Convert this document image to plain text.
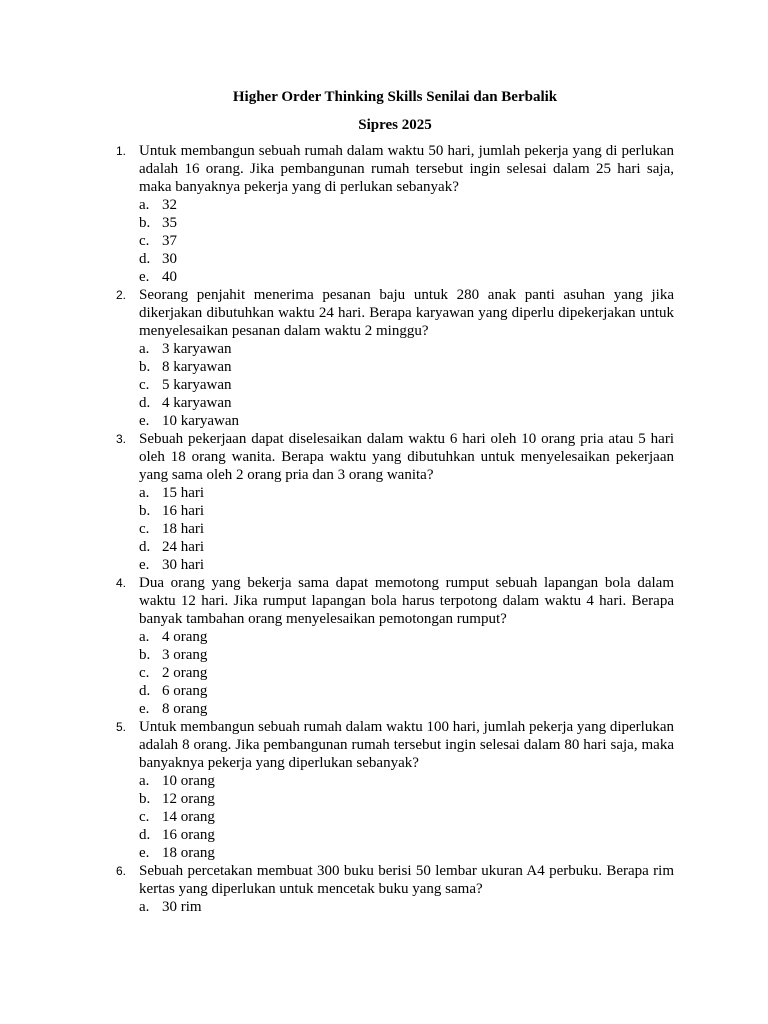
Higher Order Thinking Skills Senilai dan Berbalik
Sipres 2025
1. Untuk membangun sebuah rumah dalam waktu 50 hari, jumlah pekerja yang di perlukan adalah 16 orang. Jika pembangunan rumah tersebut ingin selesai dalam 25 hari saja, maka banyaknya pekerja yang di perlukan sebanyak?
a. 32
b. 35
c. 37
d. 30
e. 40
2. Seorang penjahit menerima pesanan baju untuk 280 anak panti asuhan yang jika dikerjakan dibutuhkan waktu 24 hari. Berapa karyawan yang diperlu dipekerjakan untuk menyelesaikan pesanan dalam waktu 2 minggu?
a. 3 karyawan
b. 8 karyawan
c. 5 karyawan
d. 4 karyawan
e. 10 karyawan
3. Sebuah pekerjaan dapat diselesaikan dalam waktu 6 hari oleh 10 orang pria atau 5 hari oleh 18 orang wanita. Berapa waktu yang dibutuhkan untuk menyelesaikan pekerjaan yang sama oleh 2 orang pria dan 3 orang wanita?
a. 15 hari
b. 16 hari
c. 18 hari
d. 24 hari
e. 30 hari
4. Dua orang yang bekerja sama dapat memotong rumput sebuah lapangan bola dalam waktu 12 hari. Jika rumput lapangan bola harus terpotong dalam waktu 4 hari. Berapa banyak tambahan orang menyelesaikan pemotongan rumput?
a. 4 orang
b. 3 orang
c. 2 orang
d. 6 orang
e. 8 orang
5. Untuk membangun sebuah rumah dalam waktu 100 hari, jumlah pekerja yang diperlukan adalah 8 orang. Jika pembangunan rumah tersebut ingin selesai dalam 80 hari saja, maka banyaknya pekerja yang diperlukan sebanyak?
a. 10 orang
b. 12 orang
c. 14 orang
d. 16 orang
e. 18 orang
6. Sebuah percetakan membuat 300 buku berisi 50 lembar ukuran A4 perbuku. Berapa rim kertas yang diperlukan untuk mencetak buku yang sama?
a. 30 rim
